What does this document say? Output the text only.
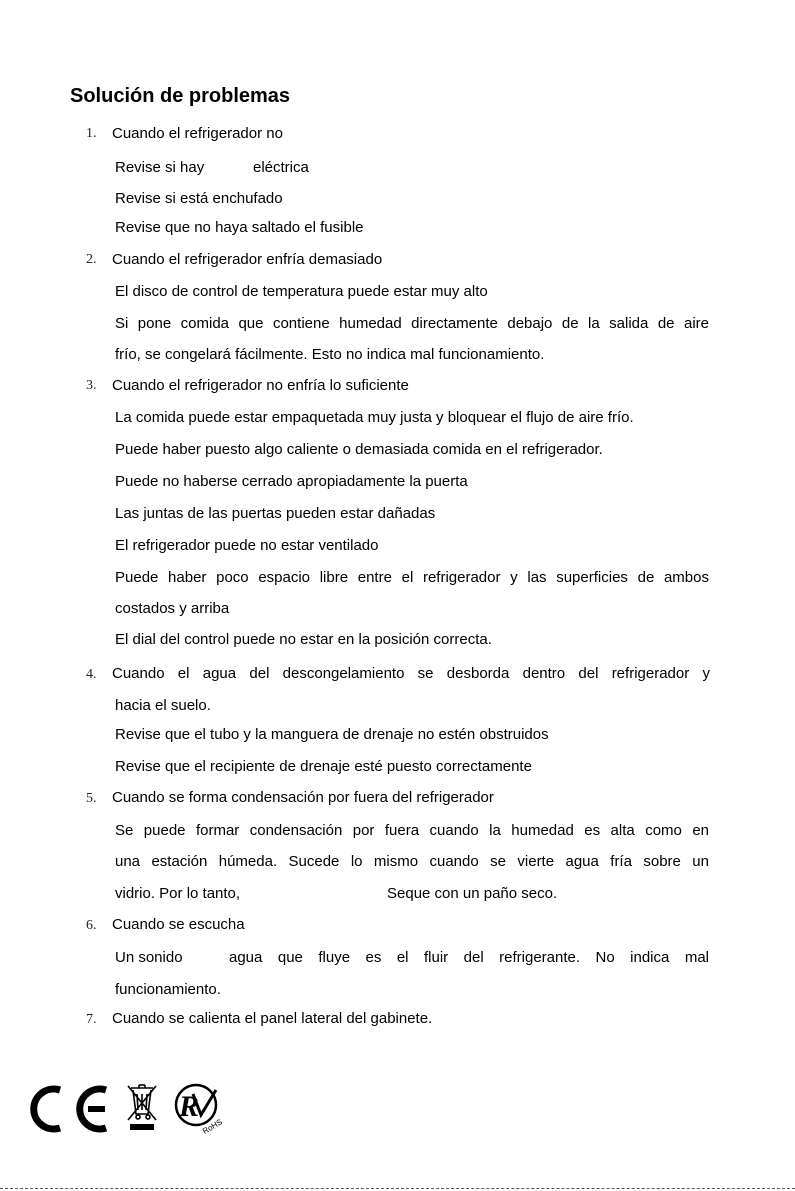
Solución de problemas
1. Cuando el refrigerador no
Revise si hay	eléctrica
Revise si está enchufado
Revise que no haya saltado el fusible
2. Cuando el refrigerador enfría demasiado
El disco de control de temperatura puede estar muy alto
Si pone comida que contiene humedad directamente debajo de la salida de aire
frío, se congelará fácilmente. Esto no indica mal funcionamiento.
3. Cuando el refrigerador no enfría lo suficiente
La comida puede estar empaquetada muy justa y bloquear el flujo de aire frío.
Puede haber puesto algo caliente o demasiada comida en el refrigerador.
Puede no haberse cerrado apropiadamente la puerta
Las juntas de las puertas pueden estar dañadas
El refrigerador puede no estar ventilado
Puede haber poco espacio libre entre el refrigerador y las superficies de ambos
costados y arriba
El dial del control puede no estar en la posición correcta.
4. Cuando el agua del descongelamiento se desborda dentro del refrigerador y
hacia el suelo.
Revise que el tubo y la manguera de drenaje no estén obstruidos
Revise que el recipiente de drenaje esté puesto correctamente
5. Cuando se forma condensación por fuera del refrigerador
Se puede formar condensación por fuera cuando la humedad es alta como en
una estación húmeda. Sucede lo mismo cuando se vierte agua fría sobre un
vidrio. Por lo tanto,	Seque con un paño seco.
6. Cuando se escucha
Un sonido	agua que fluye es el fluir del refrigerante. No indica mal
funcionamiento.
7. Cuando se calienta el panel lateral del gabinete.
R
RoHS
